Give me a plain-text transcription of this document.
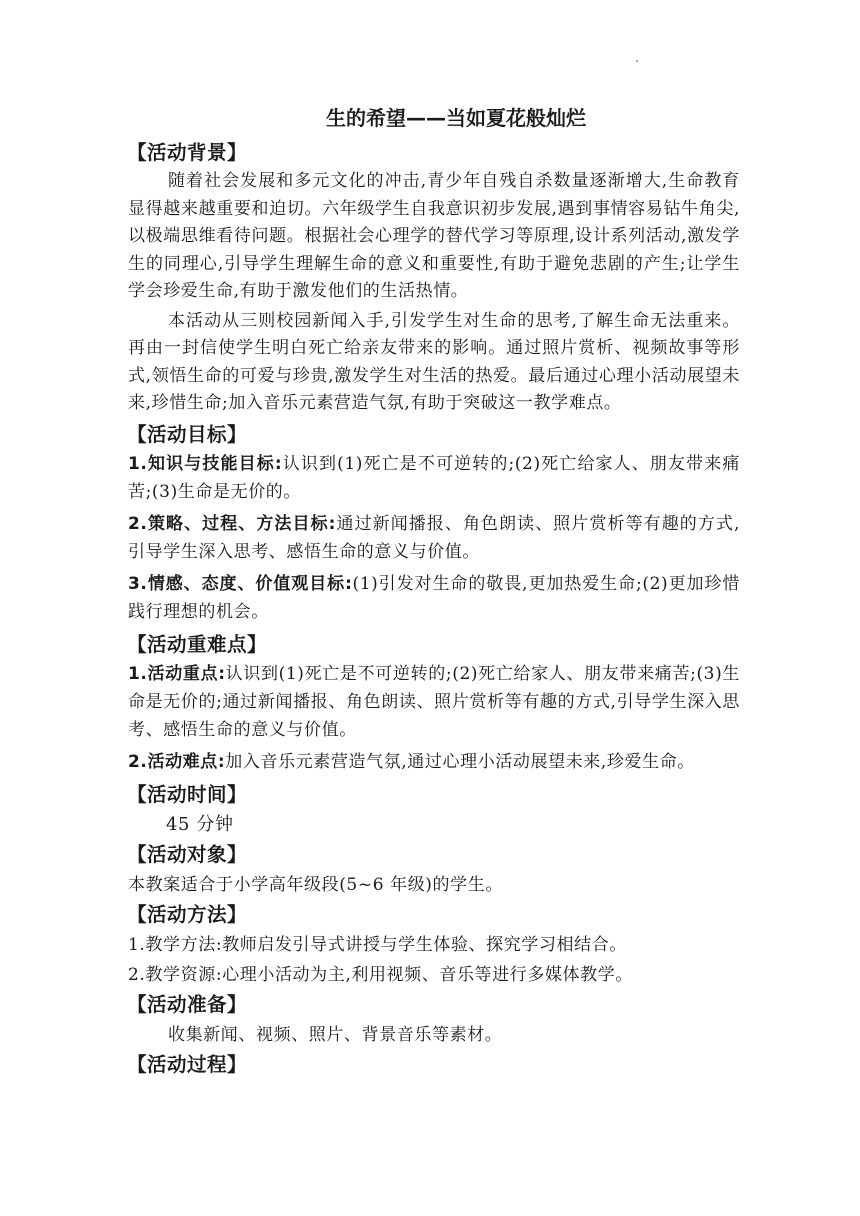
生的希望——当如夏花般灿烂
【活动背景】

随着社会发展和多元文化的冲击,青少年自残自杀数量逐渐增大,生命教育显得越来越重要和迫切。六年级学生自我意识初步发展,遇到事情容易钻牛角尖,以极端思维看待问题。根据社会心理学的替代学习等原理,设计系列活动,激发学生的同理心,引导学生理解生命的意义和重要性,有助于避免悲剧的产生;让学生学会珍爱生命,有助于激发他们的生活热情。

本活动从三则校园新闻入手,引发学生对生命的思考,了解生命无法重来。再由一封信使学生明白死亡给亲友带来的影响。通过照片赏析、视频故事等形式,领悟生命的可爱与珍贵,激发学生对生活的热爱。最后通过心理小活动展望未来,珍惜生命;加入音乐元素营造气氛,有助于突破这一教学难点。

【活动目标】

1.知识与技能目标:认识到(1)死亡是不可逆转的;(2)死亡给家人、朋友带来痛苦;(3)生命是无价的。

2.策略、过程、方法目标:通过新闻播报、角色朗读、照片赏析等有趣的方式,引导学生深入思考、感悟生命的意义与价值。

3.情感、态度、价值观目标:(1)引发对生命的敬畏,更加热爱生命;(2)更加珍惜践行理想的机会。

【活动重难点】

1.活动重点:认识到(1)死亡是不可逆转的;(2)死亡给家人、朋友带来痛苦;(3)生命是无价的;通过新闻播报、角色朗读、照片赏析等有趣的方式,引导学生深入思考、感悟生命的意义与价值。

2.活动难点:加入音乐元素营造气氛,通过心理小活动展望未来,珍爱生命。

【活动时间】

45 分钟

【活动对象】

本教案适合于小学高年级段(5~6 年级)的学生。

【活动方法】

1.教学方法:教师启发引导式讲授与学生体验、探究学习相结合。

2.教学资源:心理小活动为主,利用视频、音乐等进行多媒体教学。

【活动准备】

收集新闻、视频、照片、背景音乐等素材。

【活动过程】
